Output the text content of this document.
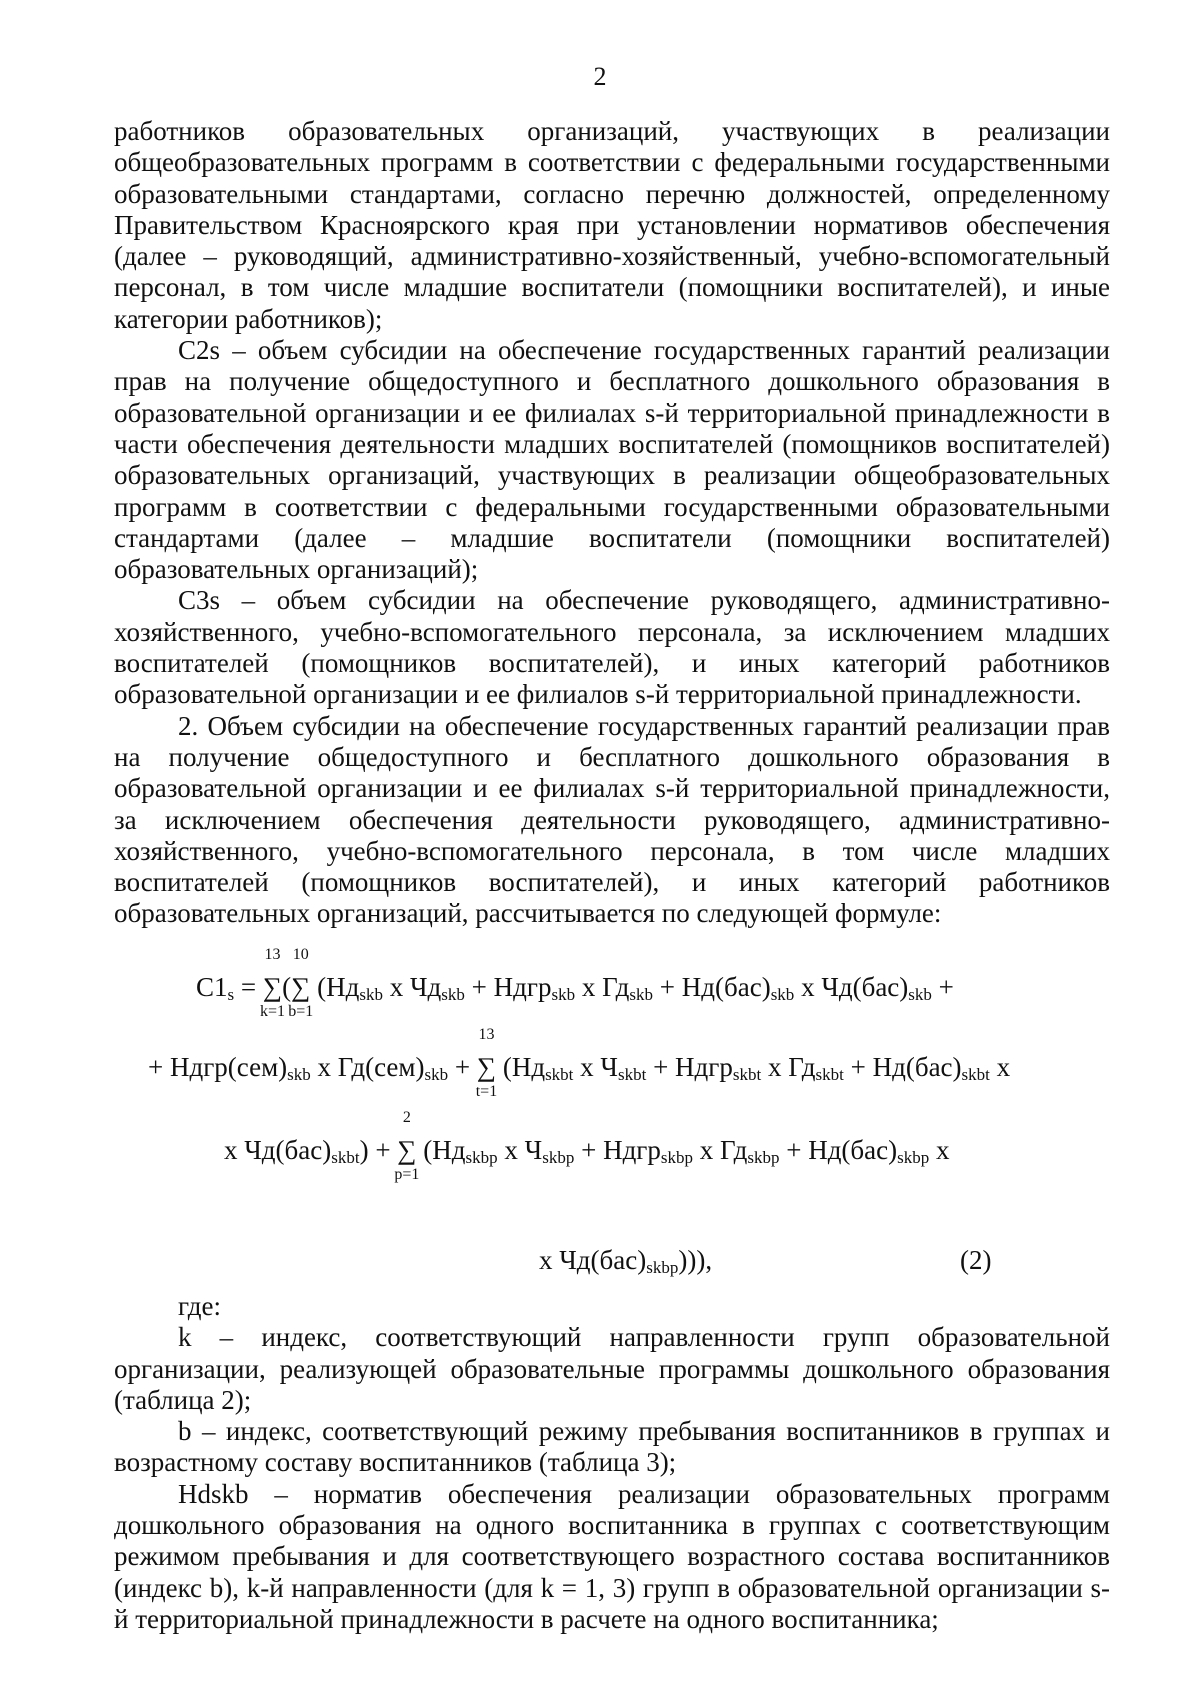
2

работников образовательных организаций, участвующих в реализации общеобразовательных программ в соответствии с федеральными государственными образовательными стандартами, согласно перечню должностей, определенному Правительством Красноярского края при установлении нормативов обеспечения (далее – руководящий, административно-хозяйственный, учебно-вспомогательный персонал, в том числе младшие воспитатели (помощники воспитателей), и иные категории работников);

C2s – объем субсидии на обеспечение государственных гарантий реализации прав на получение общедоступного и бесплатного дошкольного образования в образовательной организации и ее филиалах s-й территориальной принадлежности в части обеспечения деятельности младших воспитателей (помощников воспитателей) образовательных организаций, участвующих в реализации общеобразовательных программ в соответствии с федеральными государственными образовательными стандартами (далее – младшие воспитатели (помощники воспитателей) образовательных организаций);

C3s – объем субсидии на обеспечение руководящего, административно-хозяйственного, учебно-вспомогательного персонала, за исключением младших воспитателей (помощников воспитателей), и иных категорий работников образовательной организации и ее филиалов s-й территориальной принадлежности.

2. Объем субсидии на обеспечение государственных гарантий реализации прав на получение общедоступного и бесплатного дошкольного образования в образовательной организации и ее филиалах s-й территориальной принадлежности, за исключением обеспечения деятельности руководящего, административно-хозяйственного, учебно-вспомогательного персонала, в том числе младших воспитателей (помощников воспитателей), и иных категорий работников образовательных организаций, рассчитывается по следующей формуле:

$C1_s$ =
13
∑
k=1
(
10
∑
b=1
($Нд_{skb}$ х $Чд_{skb}$ + Ндгр$_{skb}$ х $Гд_{skb} + Нд(бас)_{skb}$ х $Чд(бас)_{skb}$ +
+ $Ндгр(сем)_{skb}$ х $Гд(сем)_{skb}$ +
13
∑
t=1
($Нд_{skbt}$ х $Ч_{skbt}$ + Ндгр$_{skbt}$ х $Гд_{skbt} + Нд(бас)_{skbt}$ х
х $Чд(бас)_{skbt}$) +
2
∑
p=1
($Нд_{skbp}$ х $Ч_{skbp}$ + Ндгр$_{skbp}$ х $Гд_{skbp} + Нд(бас)_{skbp}$ х
х $Чд(бас)_{skbp}$))),	(2)

где:

k – индекс, соответствующий направленности групп образовательной организации, реализующей образовательные программы дошкольного образования (таблица 2);

b – индекс, соответствующий режиму пребывания воспитанников в группах и возрастному составу воспитанников (таблица 3);

Hdskb – норматив обеспечения реализации образовательных программ дошкольного образования на одного воспитанника в группах с соответствующим режимом пребывания и для соответствующего возрастного состава воспитанников (индекс b), k-й направленности (для k = 1, 3) групп в образовательной организации s-й территориальной принадлежности в расчете на одного воспитанника;
